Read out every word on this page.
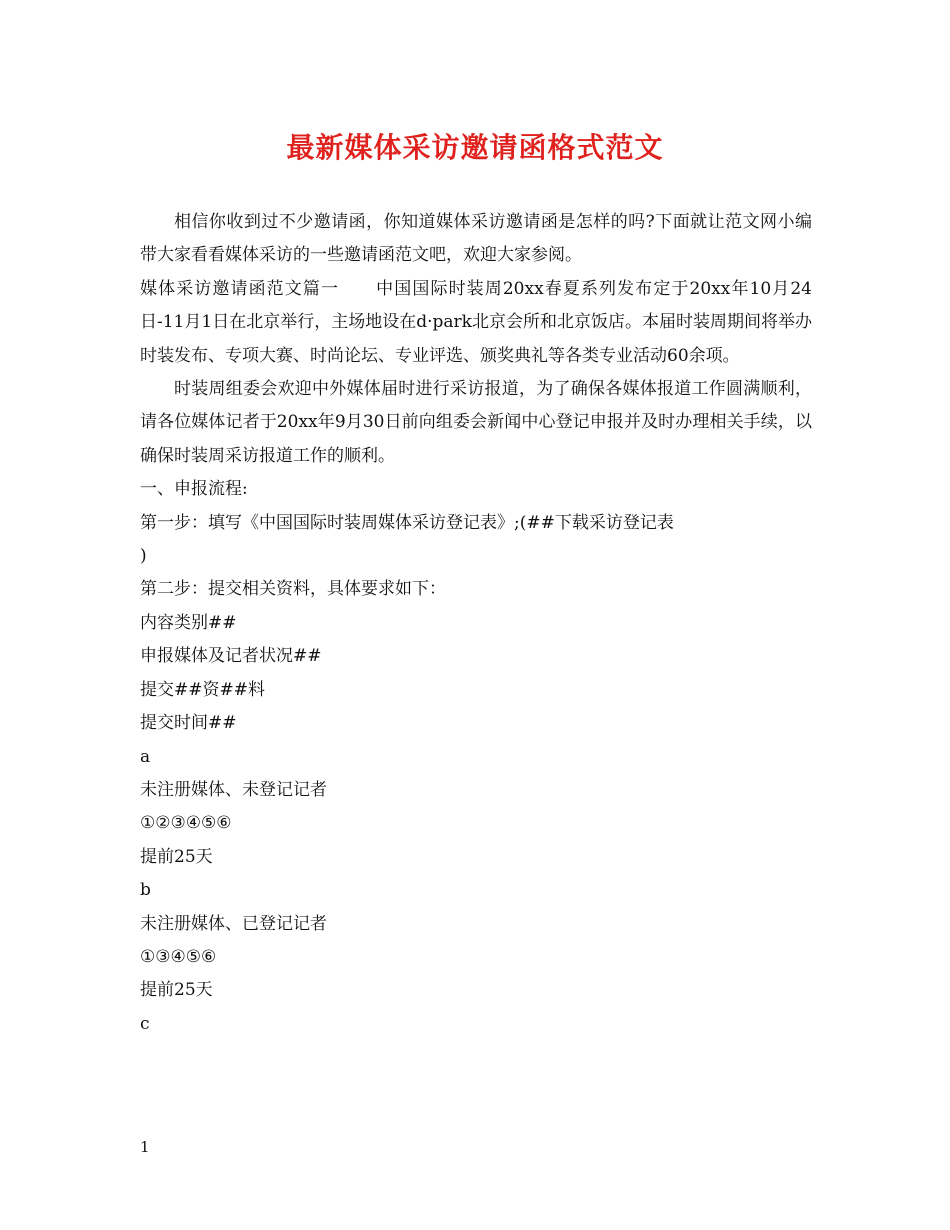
最新媒体采访邀请函格式范文

相信你收到过不少邀请函，你知道媒体采访邀请函是怎样的吗?下面就让范文网小编带大家看看媒体采访的一些邀请函范文吧，欢迎大家参阅。

媒体采访邀请函范文篇一 中国国际时装周20xx春夏系列发布定于20xx年10月24日-11月1日在北京举行，主场地设在d·park北京会所和北京饭店。本届时装周期间将举办时装发布、专项大赛、时尚论坛、专业评选、颁奖典礼等各类专业活动60余项。

时装周组委会欢迎中外媒体届时进行采访报道，为了确保各媒体报道工作圆满顺利，请各位媒体记者于20xx年9月30日前向组委会新闻中心登记申报并及时办理相关手续，以确保时装周采访报道工作的顺利。

一、申报流程:

第一步：填写《中国国际时装周媒体采访登记表》;(##下载采访登记表

)

第二步：提交相关资料，具体要求如下：

内容类别##

申报媒体及记者状况##

提交##资##料

提交时间##

a

未注册媒体、未登记记者

①②③④⑤⑥

提前25天

b

未注册媒体、已登记记者

①③④⑤⑥

提前25天

c

1
